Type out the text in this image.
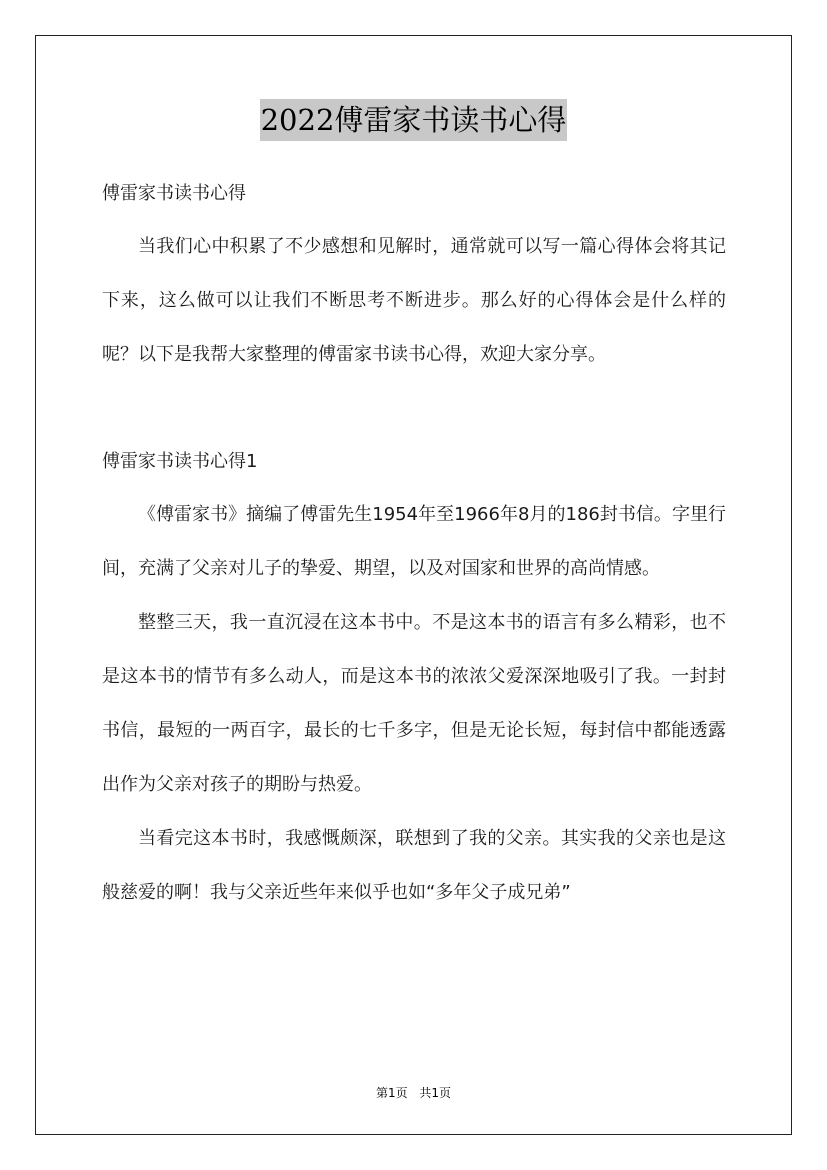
2022傅雷家书读书心得

傅雷家书读书心得

当我们心中积累了不少感想和见解时，通常就可以写一篇心得体会将其记下来，这么做可以让我们不断思考不断进步。那么好的心得体会是什么样的呢？以下是我帮大家整理的傅雷家书读书心得，欢迎大家分享。

傅雷家书读书心得1

《傅雷家书》摘编了傅雷先生1954年至1966年8月的186封书信。字里行间，充满了父亲对儿子的挚爱、期望，以及对国家和世界的高尚情感。

整整三天，我一直沉浸在这本书中。不是这本书的语言有多么精彩，也不是这本书的情节有多么动人，而是这本书的浓浓父爱深深地吸引了我。一封封书信，最短的一两百字，最长的七千多字，但是无论长短，每封信中都能透露出作为父亲对孩子的期盼与热爱。

当看完这本书时，我感慨颇深，联想到了我的父亲。其实我的父亲也是这般慈爱的啊！我与父亲近些年来似乎也如“多年父子成兄弟”

第1页 共1页
